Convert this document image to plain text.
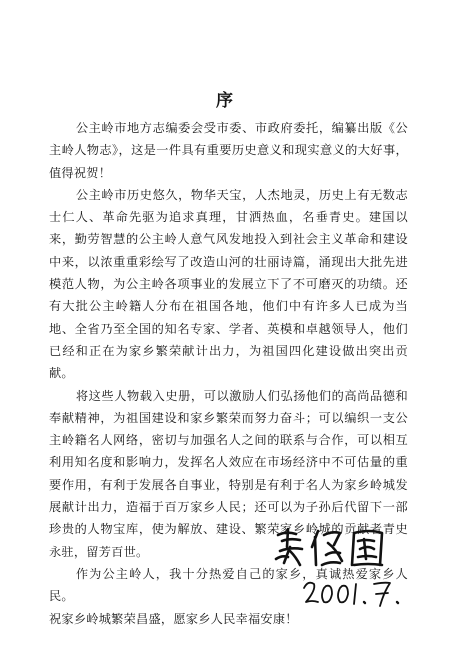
序

公主岭市地方志编委会受市委、市政府委托，编纂出版《公主岭人物志》，这是一件具有重要历史意义和现实意义的大好事，值得祝贺！

公主岭市历史悠久，物华天宝，人杰地灵，历史上有无数志士仁人、革命先驱为追求真理，甘洒热血，名垂青史。建国以来，勤劳智慧的公主岭人意气风发地投入到社会主义革命和建设中来，以浓重重彩绘写了改造山河的壮丽诗篇，涌现出大批先进模范人物，为公主岭各项事业的发展立下了不可磨灭的功绩。还有大批公主岭籍人分布在祖国各地，他们中有许多人已成为当地、全省乃至全国的知名专家、学者、英模和卓越领导人，他们已经和正在为家乡繁荣献计出力，为祖国四化建设做出突出贡献。

将这些人物载入史册，可以激励人们弘扬他们的高尚品德和奉献精神，为祖国建设和家乡繁荣而努力奋斗；可以编织一支公主岭籍名人网络，密切与加强名人之间的联系与合作，可以相互利用知名度和影响力，发挥名人效应在市场经济中不可估量的重要作用，有利于发展各自事业，特别是有利于名人为家乡岭城发展献计出力，造福于百万家乡人民；还可以为子孙后代留下一部珍贵的人物宝库，使为解放、建设、繁荣家乡岭城的贡献者青史永驻，留芳百世。

作为公主岭人，我十分热爱自己的家乡，真诚热爱家乡人民。

祝家乡岭城繁荣昌盛，愿家乡人民幸福安康！
